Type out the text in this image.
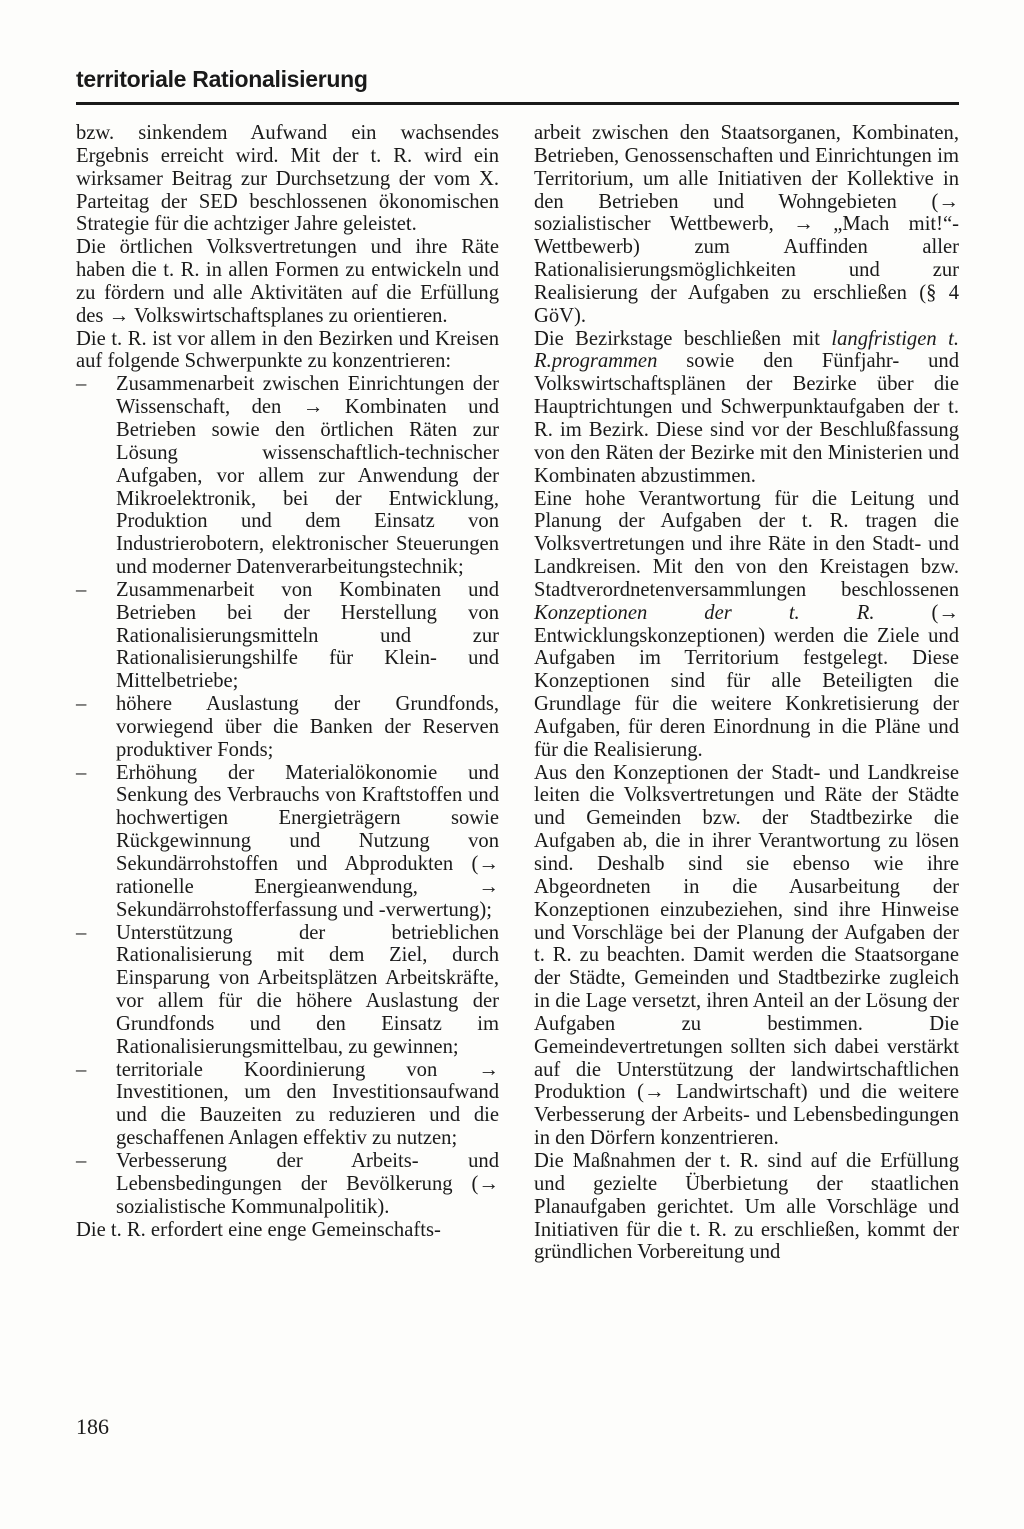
territoriale Rationalisierung

bzw. sinkendem Aufwand ein wachsendes Ergebnis erreicht wird. Mit der t. R. wird ein wirksamer Beitrag zur Durchsetzung der vom X. Parteitag der SED beschlossenen ökonomischen Strategie für die achtziger Jahre geleistet.

Die örtlichen Volksvertretungen und ihre Räte haben die t. R. in allen Formen zu entwickeln und zu fördern und alle Aktivitäten auf die Erfüllung des → Volkswirtschaftsplanes zu orientieren.

Die t. R. ist vor allem in den Bezirken und Kreisen auf folgende Schwerpunkte zu konzentrieren:

– Zusammenarbeit zwischen Einrichtungen der Wissenschaft, den → Kombinaten und Betrieben sowie den örtlichen Räten zur Lösung wissenschaftlich-technischer Aufgaben, vor allem zur Anwendung der Mikroelektronik, bei der Entwicklung, Produktion und dem Einsatz von Industrierobotern, elektronischer Steuerungen und moderner Datenverarbeitungstechnik;
– Zusammenarbeit von Kombinaten und Betrieben bei der Herstellung von Rationalisierungsmitteln und zur Rationalisierungshilfe für Klein- und Mittelbetriebe;
– höhere Auslastung der Grundfonds, vorwiegend über die Banken der Reserven produktiver Fonds;
– Erhöhung der Materialökonomie und Senkung des Verbrauchs von Kraftstoffen und hochwertigen Energieträgern sowie Rückgewinnung und Nutzung von Sekundärrohstoffen und Abprodukten (→ rationelle Energieanwendung, → Sekundärrohstofferfassung und -verwertung);
– Unterstützung der betrieblichen Rationalisierung mit dem Ziel, durch Einsparung von Arbeitsplätzen Arbeitskräfte, vor allem für die höhere Auslastung der Grundfonds und den Einsatz im Rationalisierungsmittelbau, zu gewinnen;
– territoriale Koordinierung von → Investitionen, um den Investitionsaufwand und die Bauzeiten zu reduzieren und die geschaffenen Anlagen effektiv zu nutzen;
– Verbesserung der Arbeits- und Lebensbedingungen der Bevölkerung (→ sozialistische Kommunalpolitik).

Die t. R. erfordert eine enge Gemeinschafts-

arbeit zwischen den Staatsorganen, Kombinaten, Betrieben, Genossenschaften und Einrichtungen im Territorium, um alle Initiativen der Kollektive in den Betrieben und Wohngebieten (→ sozialistischer Wettbewerb, → „Mach mit!“-Wettbewerb) zum Auffinden aller Rationalisierungsmöglichkeiten und zur Realisierung der Aufgaben zu erschließen (§ 4 GöV).

Die Bezirkstage beschließen mit langfristigen t. R.programmen sowie den Fünfjahr- und Volkswirtschaftsplänen der Bezirke über die Hauptrichtungen und Schwerpunktaufgaben der t. R. im Bezirk. Diese sind vor der Beschlußfassung von den Räten der Bezirke mit den Ministerien und Kombinaten abzustimmen.

Eine hohe Verantwortung für die Leitung und Planung der Aufgaben der t. R. tragen die Volksvertretungen und ihre Räte in den Stadt- und Landkreisen. Mit den von den Kreistagen bzw. Stadtverordnetenversammlungen beschlossenen Konzeptionen der t. R. (→ Entwicklungskonzeptionen) werden die Ziele und Aufgaben im Territorium festgelegt. Diese Konzeptionen sind für alle Beteiligten die Grundlage für die weitere Konkretisierung der Aufgaben, für deren Einordnung in die Pläne und für die Realisierung.

Aus den Konzeptionen der Stadt- und Landkreise leiten die Volksvertretungen und Räte der Städte und Gemeinden bzw. der Stadtbezirke die Aufgaben ab, die in ihrer Verantwortung zu lösen sind. Deshalb sind sie ebenso wie ihre Abgeordneten in die Ausarbeitung der Konzeptionen einzubeziehen, sind ihre Hinweise und Vorschläge bei der Planung der Aufgaben der t. R. zu beachten. Damit werden die Staatsorgane der Städte, Gemeinden und Stadtbezirke zugleich in die Lage versetzt, ihren Anteil an der Lösung der Aufgaben zu bestimmen. Die Gemeindevertretungen sollten sich dabei verstärkt auf die Unterstützung der landwirtschaftlichen Produktion (→ Landwirtschaft) und die weitere Verbesserung der Arbeits- und Lebensbedingungen in den Dörfern konzentrieren.

Die Maßnahmen der t. R. sind auf die Erfüllung und gezielte Überbietung der staatlichen Planaufgaben gerichtet. Um alle Vorschläge und Initiativen für die t. R. zu erschließen, kommt der gründlichen Vorbereitung und

186
